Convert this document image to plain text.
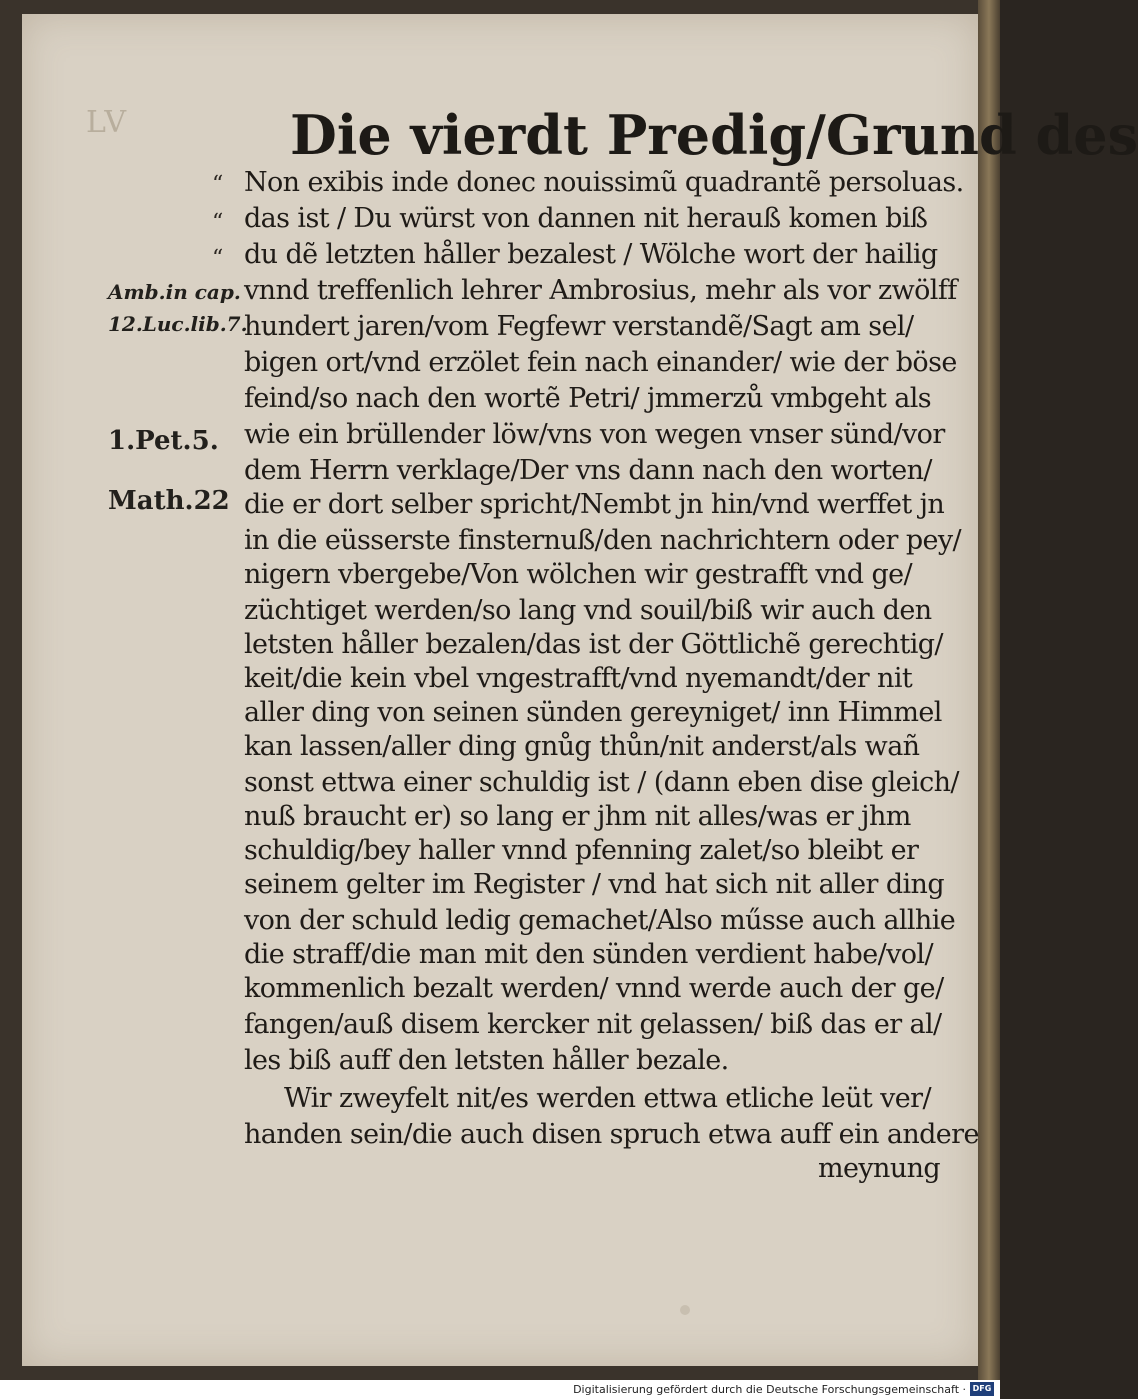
LV	Die vierdt Predig/Grund des
“
“
“
Amb.in cap.
12.Luc.lib.7.
1.Pet.5.
Math.22
Non exibis inde donec nouissimũ quadrantẽ persoluas.
das ist / Du würst von dannen nit herauß komen biß
du dẽ letzten håller bezalest / Wölche wort der hailig
vnnd treffenlich lehrer Ambrosius, mehr als vor zwölff
hundert jaren/vom Fegfewr verstandẽ/Sagt am sel/
bigen ort/vnd erzölet fein nach einander/ wie der böse
feind/so nach den wortẽ Petri/ jmmerzů vmbgeht als
wie ein brüllender löw/vns von wegen vnser sünd/vor
dem Herrn verklage/Der vns dann nach den worten/
die er dort selber spricht/Nembt jn hin/vnd werffet jn
in die eüsserste finsternuß/den nachrichtern oder pey/
nigern vbergebe/Von wölchen wir gestrafft vnd ge/
züchtiget werden/so lang vnd souil/biß wir auch den
letsten håller bezalen/das ist der Göttlichẽ gerechtig/
keit/die kein vbel vngestrafft/vnd nyemandt/der nit
aller ding von seinen sünden gereyniget/ inn Himmel
kan lassen/aller ding gnůg thůn/nit anderst/als wañ
sonst ettwa einer schuldig ist / (dann eben dise gleich/
nuß braucht er) so lang er jhm nit alles/was er jhm
schuldig/bey haller vnnd pfenning zalet/so bleibt er
seinem gelter im Register / vnd hat sich nit aller ding
von der schuld ledig gemachet/Also műsse auch allhie
die straff/die man mit den sünden verdient habe/vol/
kommenlich bezalt werden/ vnnd werde auch der ge/
fangen/auß disem kercker nit gelassen/ biß das er al/
les biß auff den letsten håller bezale.
Wir zweyfelt nit/es werden ettwa etliche leüt ver/
handen sein/die auch disen spruch etwa auff ein andere
meynung
Digitalisierung gefördert durch die Deutsche Forschungsgemeinschaft · DFG
